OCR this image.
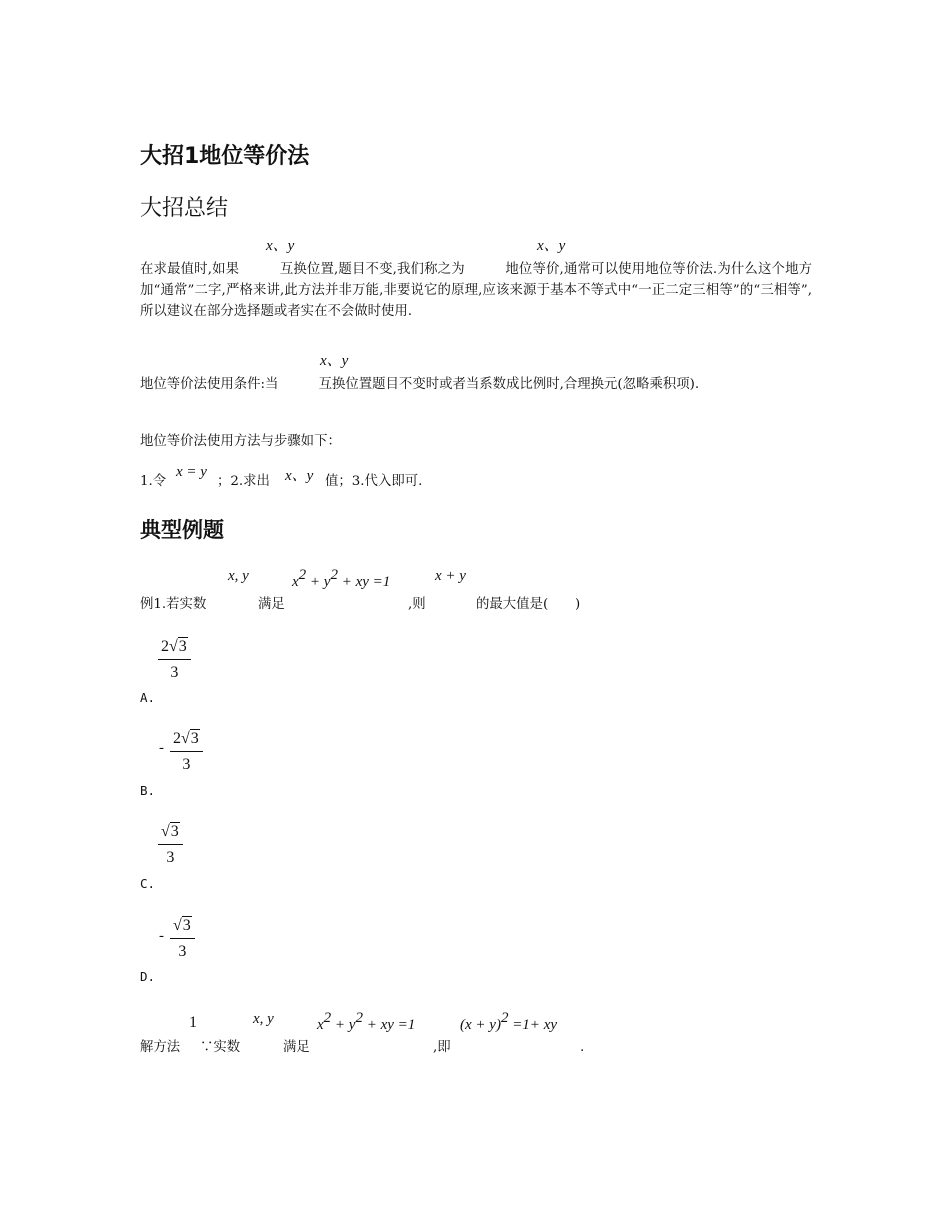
大招1地位等价法
大招总结
x、y	x、y
在求最值时,如果　　　互换位置,题目不变,我们称之为　　　地位等价,通常可以使用地位等价法.为什么这个地方加“通常”二字,严格来讲,此方法并非万能,非要说它的原理,应该来源于基本不等式中“一正二定三相等”的“三相等”,所以建议在部分选择题或者实在不会做时使用.
x、y
地位等价法使用条件:当　　　互换位置题目不变时或者当系数成比例时,合理换元(忽略乘积项).
地位等价法使用方法与步骤如下：
1.令
x = y
；2.求出 x、y 值；3.代入即可.
典型例题
x, y	$x^2 + y^2$ + xy =1	x + y
例1.若实数	满足	,则	的最大值是(　　)
$\frac{2√3}{3}$
A.
- $\frac{2√3}{3}$
B.
$\frac{√3}{3}$
C.
- $\frac{√3}{3}$
D.
1	x, y	$x^2 + y^2$ + xy =1	$(x + y)^2 =1+$ xy
解方法 ∵实数	满足	,即	.
